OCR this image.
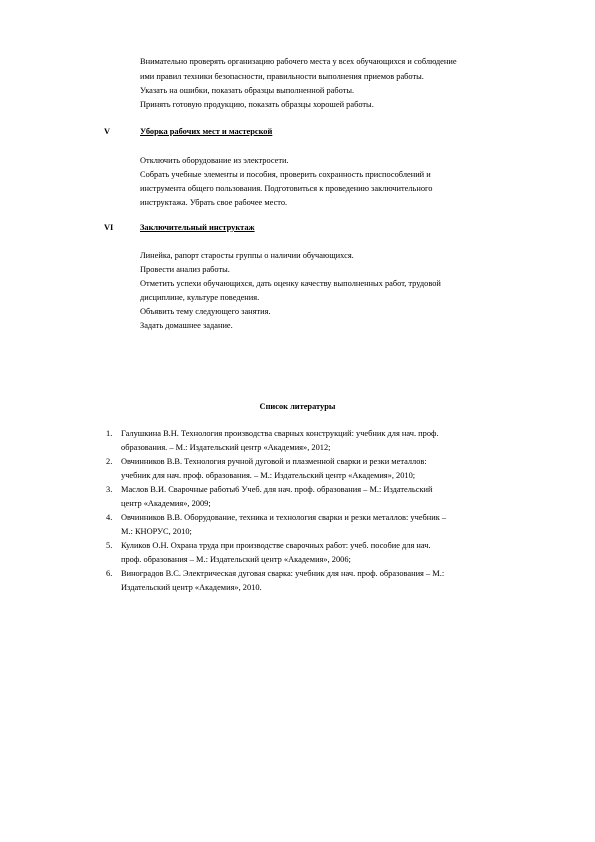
Внимательно проверять организацию рабочего места у всех обучающихся и соблюдение
ими правил техники безопасности, правильности выполнения приемов работы.
Указать на ошибки, показать образцы выполненной работы.
Принять готовую продукцию, показать образцы хорошей работы.
V	Уборка рабочих мест и мастерской
Отключить оборудование из электросети.
Собрать учебные элементы и пособия, проверить сохранность приспособлений и
инструмента общего пользования. Подготовиться к проведению заключительного
инструктажа. Убрать свое рабочее место.
VI	Заключительный инструктаж
Линейка, рапорт старосты группы о наличии обучающихся.
Провести анализ работы.
Отметить успехи обучающихся, дать оценку качеству выполненных работ, трудовой
дисциплине, культуре поведения.
Объявить тему следующего занятия.
Задать домашнее задание.
Список литературы
1. Галушкина В.Н. Технология производства сварных конструкций: учебник для нач. проф.
образования. – М.: Издательский центр «Академия», 2012;
2. Овчинников В.В. Технология ручной дуговой и плазменной сварки и резки металлов:
учебник для нач. проф. образования. – М.: Издательский центр «Академия», 2010;
3. Маслов В.И. Сварочные работы6 Учеб. для нач. проф. образования – М.: Издательский
центр «Академия», 2009;
4. Овчинников В.В. Оборудование, техника и технология сварки и резки металлов: учебник –
М.: КНОРУС, 2010;
5. Куликов О.Н. Охрана труда при производстве сварочных работ: учеб. пособие для нач.
проф. образования – М.: Издательский центр «Академия», 2006;
6. Виноградов В.С. Электрическая дуговая сварка: учебник для нач. проф. образования – М.:
Издательский центр «Академия», 2010.
